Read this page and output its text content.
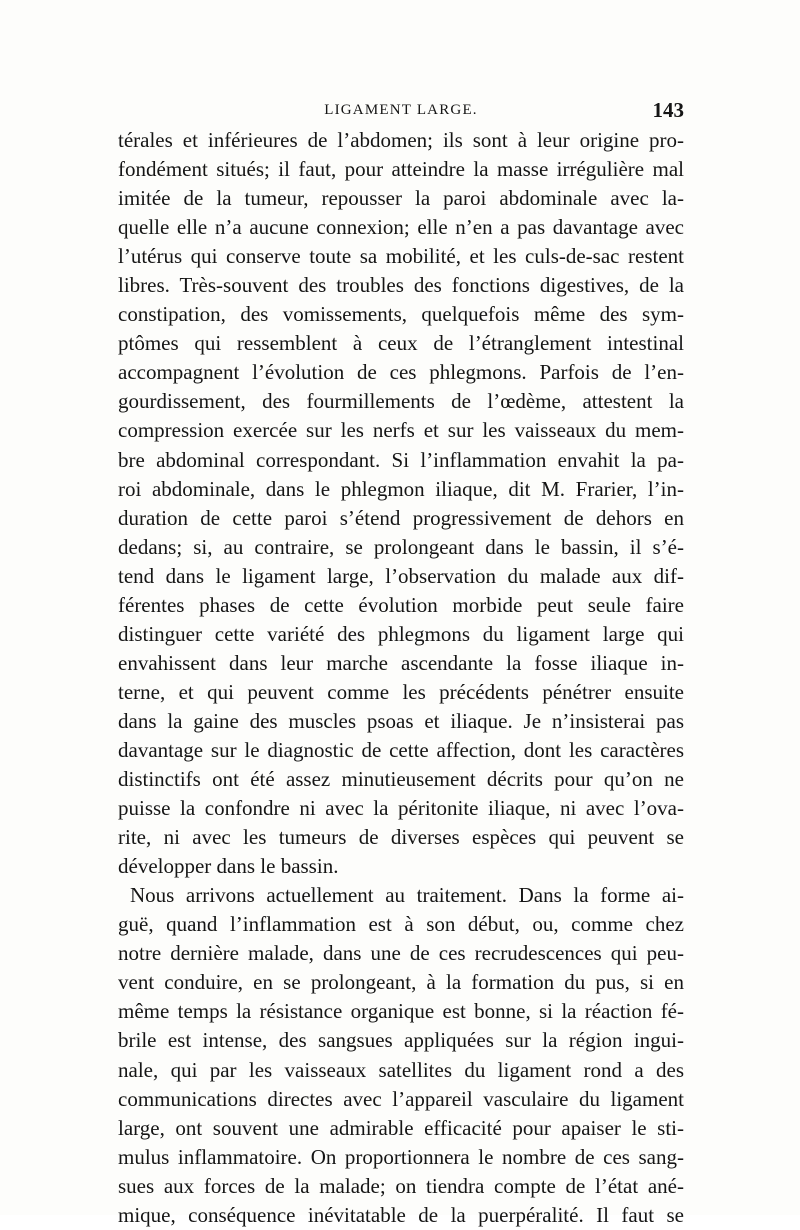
LIGAMENT LARGE.	143
térales et inférieures de l’abdomen; ils sont à leur origine pro-
fondément situés; il faut, pour atteindre la masse irrégulière mal
imitée de la tumeur, repousser la paroi abdominale avec la-
quelle elle n’a aucune connexion; elle n’en a pas davantage avec
l’utérus qui conserve toute sa mobilité, et les culs-de-sac restent
libres. Très-souvent des troubles des fonctions digestives, de la
constipation, des vomissements, quelquefois même des sym-
ptômes qui ressemblent à ceux de l’étranglement intestinal
accompagnent l’évolution de ces phlegmons. Parfois de l’en-
gourdissement, des fourmillements de l’œdème, attestent la
compression exercée sur les nerfs et sur les vaisseaux du mem-
bre abdominal correspondant. Si l’inflammation envahit la pa-
roi abdominale, dans le phlegmon iliaque, dit M. Frarier, l’in-
duration de cette paroi s’étend progressivement de dehors en
dedans; si, au contraire, se prolongeant dans le bassin, il s’é-
tend dans le ligament large, l’observation du malade aux dif-
férentes phases de cette évolution morbide peut seule faire
distinguer cette variété des phlegmons du ligament large qui
envahissent dans leur marche ascendante la fosse iliaque in-
terne, et qui peuvent comme les précédents pénétrer ensuite
dans la gaine des muscles psoas et iliaque. Je n’insisterai pas
davantage sur le diagnostic de cette affection, dont les caractères
distinctifs ont été assez minutieusement décrits pour qu’on ne
puisse la confondre ni avec la péritonite iliaque, ni avec l’ova-
rite, ni avec les tumeurs de diverses espèces qui peuvent se
développer dans le bassin.
Nous arrivons actuellement au traitement. Dans la forme ai-
guë, quand l’inflammation est à son début, ou, comme chez
notre dernière malade, dans une de ces recrudescences qui peu-
vent conduire, en se prolongeant, à la formation du pus, si en
même temps la résistance organique est bonne, si la réaction fé-
brile est intense, des sangsues appliquées sur la région ingui-
nale, qui par les vaisseaux satellites du ligament rond a des
communications directes avec l’appareil vasculaire du ligament
large, ont souvent une admirable efficacité pour apaiser le sti-
mulus inflammatoire. On proportionnera le nombre de ces sang-
sues aux forces de la malade; on tiendra compte de l’état ané-
mique, conséquence inévitatable de la puerpéralité. Il faut se
